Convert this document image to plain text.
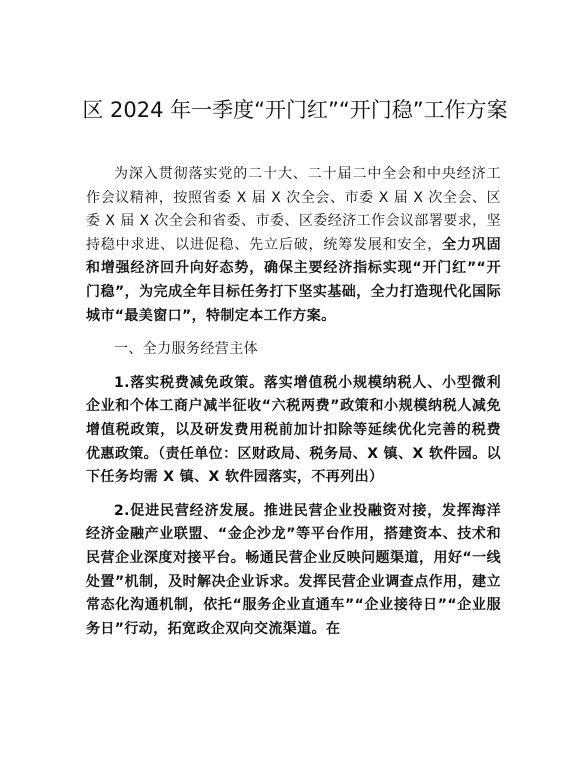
区 2024 年一季度“开门红”“开门稳”工作方案

为深入贯彻落实党的二十大、二十届二中全会和中央经济工作会议精神，按照省委 X 届 X 次全会、市委 X 届 X 次全会、区委 X 届 X 次全会和省委、市委、区委经济工作会议部署要求，坚持稳中求进、以进促稳、先立后破，统筹发展和安全，全力巩固和增强经济回升向好态势，确保主要经济指标实现“开门红”“开门稳”，为完成全年目标任务打下坚实基础，全力打造现代化国际城市“最美窗口”，特制定本工作方案。

一、全力服务经营主体

1.落实税费减免政策。落实增值税小规模纳税人、小型微利企业和个体工商户减半征收“六税两费”政策和小规模纳税人减免增值税政策，以及研发费用税前加计扣除等延续优化完善的税费优惠政策。（责任单位：区财政局、税务局、X 镇、X 软件园。以下任务均需 X 镇、X 软件园落实，不再列出）

2.促进民营经济发展。推进民营企业投融资对接，发挥海洋经济金融产业联盟、“金企沙龙”等平台作用，搭建资本、技术和民营企业深度对接平台。畅通民营企业反映问题渠道，用好“一线处置”机制，及时解决企业诉求。发挥民营企业调查点作用，建立常态化沟通机制，依托“服务企业直通车”“企业接待日”“企业服务日”行动，拓宽政企双向交流渠道。在
